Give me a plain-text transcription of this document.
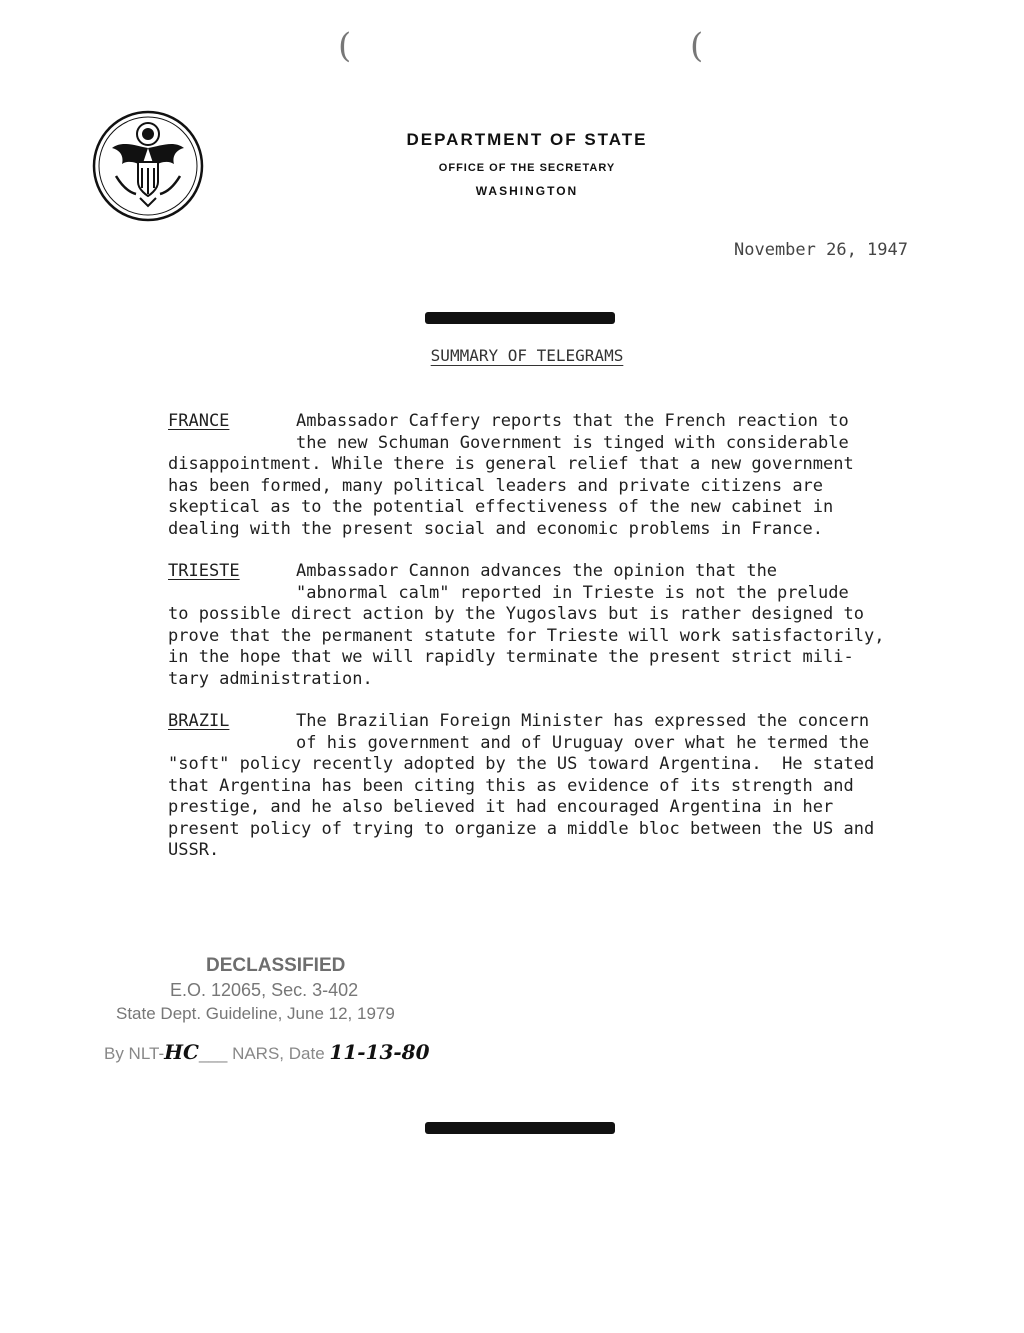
(	(
DEPARTMENT OF STATE
OFFICE OF THE SECRETARY
WASHINGTON
November 26, 1947
SUMMARY OF TELEGRAMS
FRANCE	Ambassador Caffery reports that the French reaction to
the new Schuman Government is tinged with considerable
disappointment. While there is general relief that a new government
has been formed, many political leaders and private citizens are
skeptical as to the potential effectiveness of the new cabinet in
dealing with the present social and economic problems in France.
TRIESTE	Ambassador Cannon advances the opinion that the
"abnormal calm" reported in Trieste is not the prelude
to possible direct action by the Yugoslavs but is rather designed to
prove that the permanent statute for Trieste will work satisfactorily,
in the hope that we will rapidly terminate the present strict mili-
tary administration.
BRAZIL	The Brazilian Foreign Minister has expressed the concern
of his government and of Uruguay over what he termed the
"soft" policy recently adopted by the US toward Argentina.  He stated
that Argentina has been citing this as evidence of its strength and
prestige, and he also believed it had encouraged Argentina in her
present policy of trying to organize a middle bloc between the US and
USSR.
DECLASSIFIED
E.O. 12065, Sec. 3-402
State Dept. Guideline, June 12, 1979
By NLT-HC___ NARS, Date 11-13-80
